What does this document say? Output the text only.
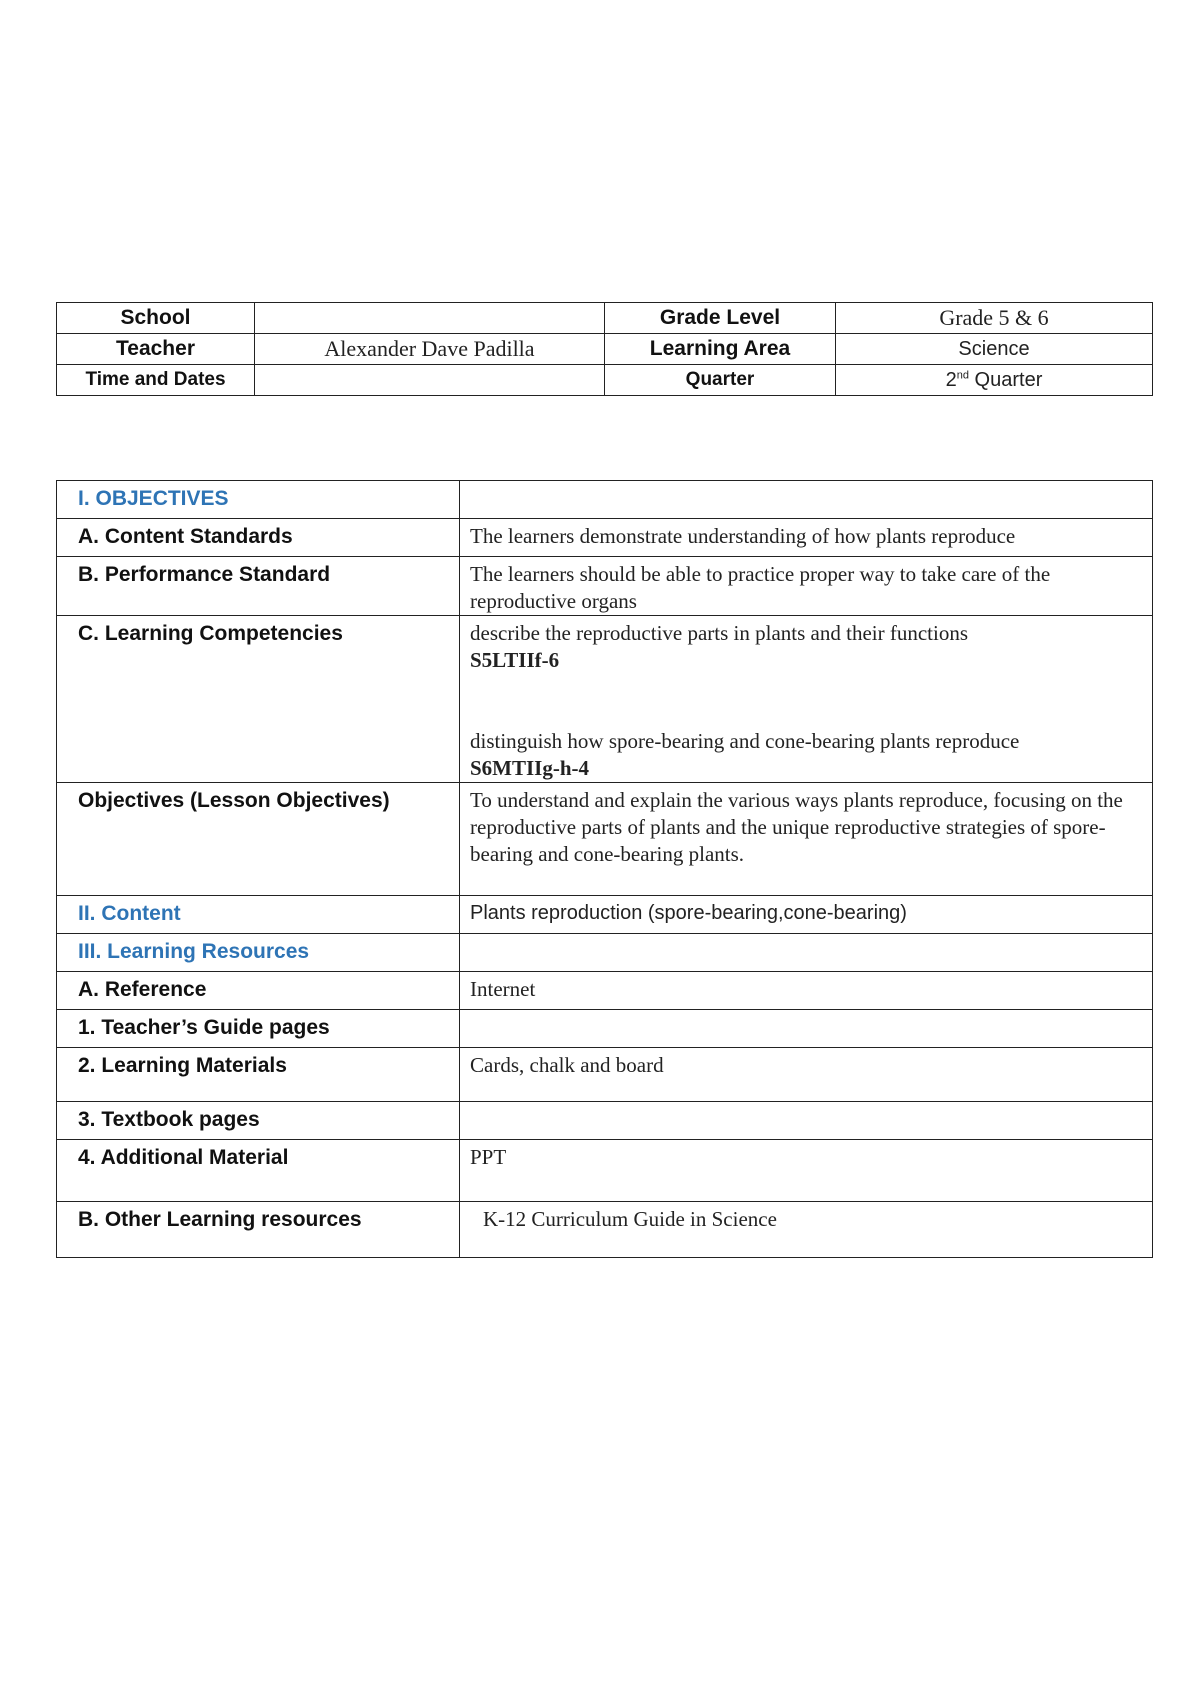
School		Grade Level	Grade 5 & 6
Teacher	Alexander Dave Padilla	Learning Area	Science
Time and Dates		Quarter	2nd Quarter
I. OBJECTIVES	
A. Content Standards	The learners demonstrate understanding of how plants reproduce
B. Performance Standard	The learners should be able to practice proper way to take care of the reproductive organs
C. Learning Competencies	describe the reproductive parts in plants and their functions
S5LTIIf-6
distinguish how spore-bearing and cone-bearing plants reproduce
S6MTIIg-h-4

Objectives (Lesson Objectives)	To understand and explain the various ways plants reproduce, focusing on the reproductive parts of plants and the unique reproductive strategies of spore-bearing and cone-bearing plants.
II. Content	Plants reproduction (spore-bearing,cone-bearing)
III. Learning Resources	
A. Reference	Internet
1. Teacher’s Guide pages	
2. Learning Materials	Cards, chalk and board
3. Textbook pages	
4. Additional Material	PPT
B. Other Learning resources	K-12 Curriculum Guide in Science
